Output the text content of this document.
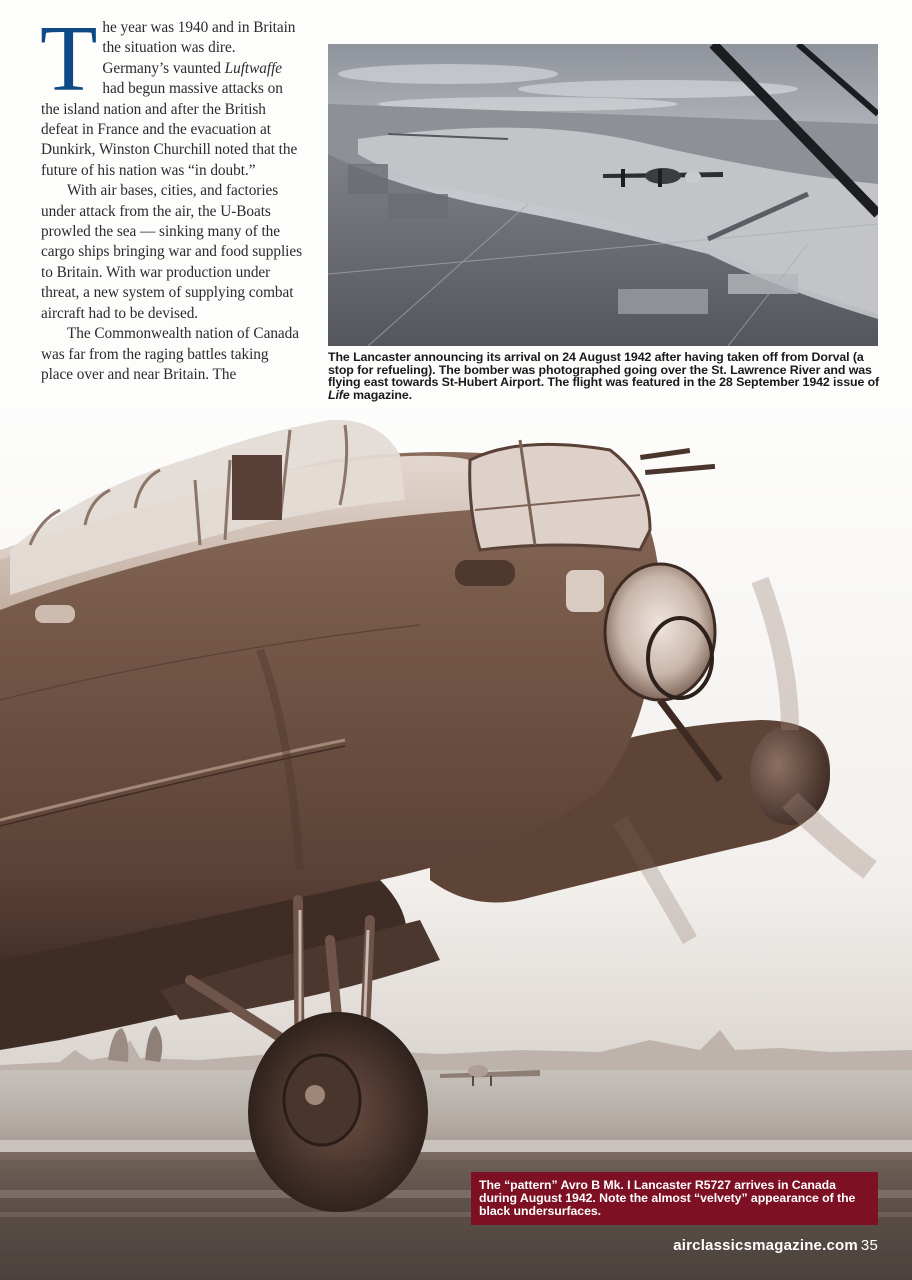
The year was 1940 and in Britain the situation was dire. Germany’s vaunted Luftwaffe had begun massive attacks on the island nation and after the British defeat in France and the evacuation at Dunkirk, Winston Churchill noted that the future of his nation was “in doubt.”

With air bases, cities, and factories under attack from the air, the U-Boats prowled the sea — sinking many of the cargo ships bringing war and food supplies to Britain. With war production under threat, a new system of supplying combat aircraft had to be devised.

The Commonwealth nation of Canada was far from the raging battles taking place over and near Britain. The

The Lancaster announcing its arrival on 24 August 1942 after having taken off from Dorval (a stop for refueling). The bomber was photographed going over the St. Lawrence River and was flying east towards St-Hubert Airport. The flight was featured in the 28 September 1942 issue of Life magazine.
The “pattern” Avro B Mk. I Lancaster R5727 arrives in Canada during August 1942. Note the almost “velvety” appearance of the black undersurfaces.
airclassicsmagazine.com 35
